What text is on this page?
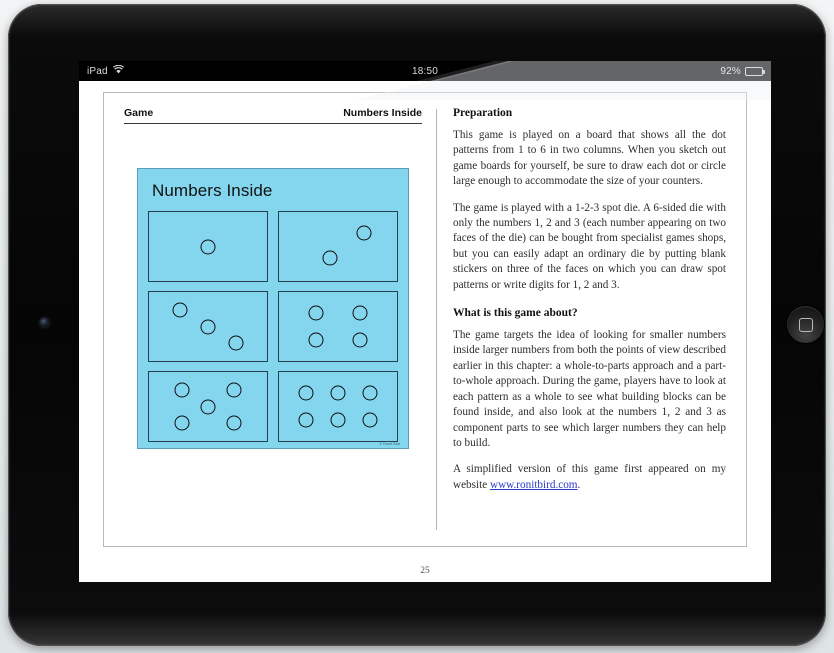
iPad	18:50	92%
Game	Numbers Inside
Numbers Inside
© Ronit Bird
Preparation

This game is played on a board that shows all the dot patterns from 1 to 6 in two columns. When you sketch out game boards for yourself, be sure to draw each dot or circle large enough to accommodate the size of your counters.

The game is played with a 1-2-3 spot die. A 6-sided die with only the numbers 1, 2 and 3 (each number appearing on two faces of the die) can be bought from specialist games shops, but you can easily adapt an ordinary die by putting blank stickers on three of the faces on which you can draw spot patterns or write digits for 1, 2 and 3.

What is this game about?

The game targets the idea of looking for smaller numbers inside larger numbers from both the points of view described earlier in this chapter: a whole-to-parts approach and a part-to-whole approach. During the game, players have to look at each pattern as a whole to see what building blocks can be found inside, and also look at the numbers 1, 2 and 3 as component parts to see which larger numbers they can help to build.

A simplified version of this game first appeared on my website www.ronitbird.com.

25
